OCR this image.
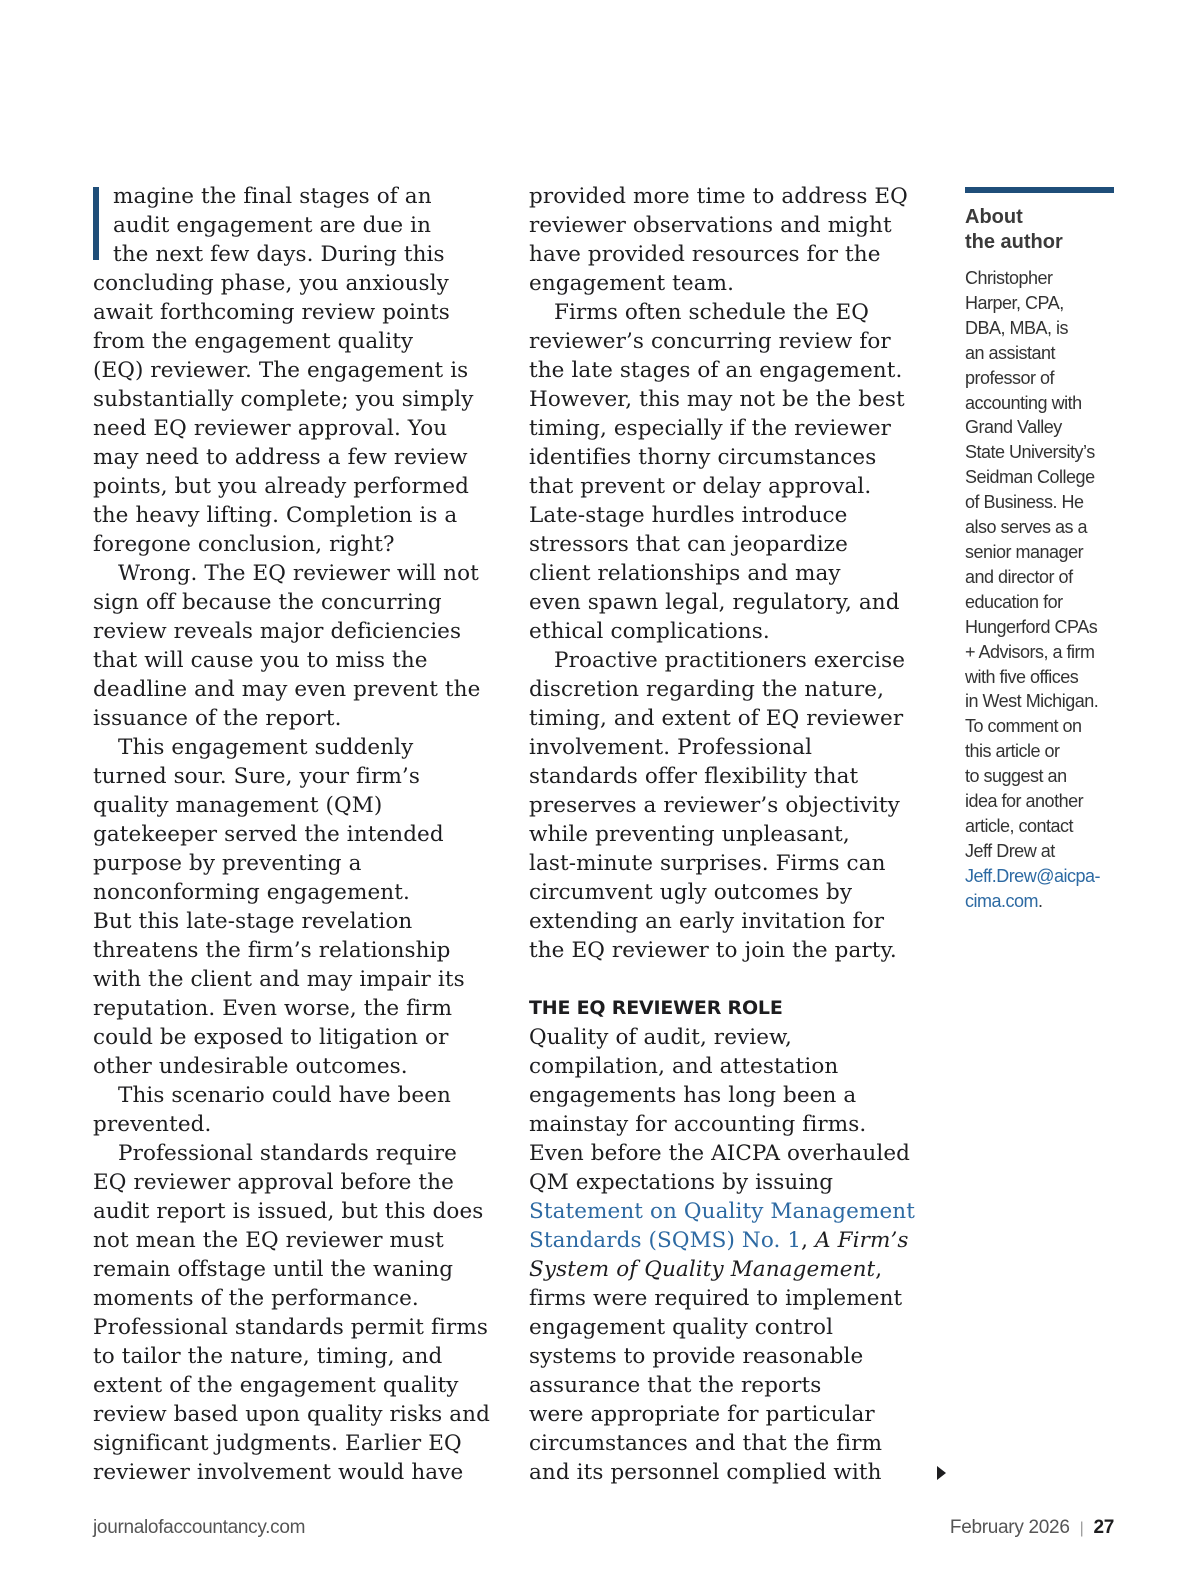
magine the final stages of an
audit engagement are due in
the next few days. During this
concluding phase, you anxiously
await forthcoming review points
from the engagement quality
(EQ) reviewer. The engagement is
substantially complete; you simply
need EQ reviewer approval. You
may need to address a few review
points, but you already performed
the heavy lifting. Completion is a
foregone conclusion, right?
Wrong. The EQ reviewer will not
sign off because the concurring
review reveals major deficiencies
that will cause you to miss the
deadline and may even prevent the
issuance of the report.
This engagement suddenly
turned sour. Sure, your firm’s
quality management (QM)
gatekeeper served the intended
purpose by preventing a
nonconforming engagement.
But this late-stage revelation
threatens the firm’s relationship
with the client and may impair its
reputation. Even worse, the firm
could be exposed to litigation or
other undesirable outcomes.
This scenario could have been
prevented.
Professional standards require
EQ reviewer approval before the
audit report is issued, but this does
not mean the EQ reviewer must
remain offstage until the waning
moments of the performance.
Professional standards permit firms
to tailor the nature, timing, and
extent of the engagement quality
review based upon quality risks and
significant judgments. Earlier EQ
reviewer involvement would have
provided more time to address EQ
reviewer observations and might
have provided resources for the
engagement team.
Firms often schedule the EQ
reviewer’s concurring review for
the late stages of an engagement.
However, this may not be the best
timing, especially if the reviewer
identifies thorny circumstances
that prevent or delay approval.
Late-stage hurdles introduce
stressors that can jeopardize
client relationships and may
even spawn legal, regulatory, and
ethical complications.
Proactive practitioners exercise
discretion regarding the nature,
timing, and extent of EQ reviewer
involvement. Professional
standards offer flexibility that
preserves a reviewer’s objectivity
while preventing unpleasant,
last-minute surprises. Firms can
circumvent ugly outcomes by
extending an early invitation for
the EQ reviewer to join the party.

THE EQ REVIEWER ROLE
Quality of audit, review,
compilation, and attestation
engagements has long been a
mainstay for accounting firms.
Even before the AICPA overhauled
QM expectations by issuing
Statement on Quality Management
Standards (SQMS) No. 1, A Firm’s
System of Quality Management,
firms were required to implement
engagement quality control
systems to provide reasonable
assurance that the reports
were appropriate for particular
circumstances and that the firm
and its personnel complied with
About
the author
Christopher
Harper, CPA,
DBA, MBA, is
an assistant
professor of
accounting with
Grand Valley
State University’s
Seidman College
of Business. He
also serves as a
senior manager
and director of
education for
Hungerford CPAs
+ Advisors, a firm
with five offices
in West Michigan.
To comment on
this article or
to suggest an
idea for another
article, contact
Jeff Drew at
Jeff.Drew@aicpa-
cima.com.
journalofaccountancy.com	February 2026 | 27
